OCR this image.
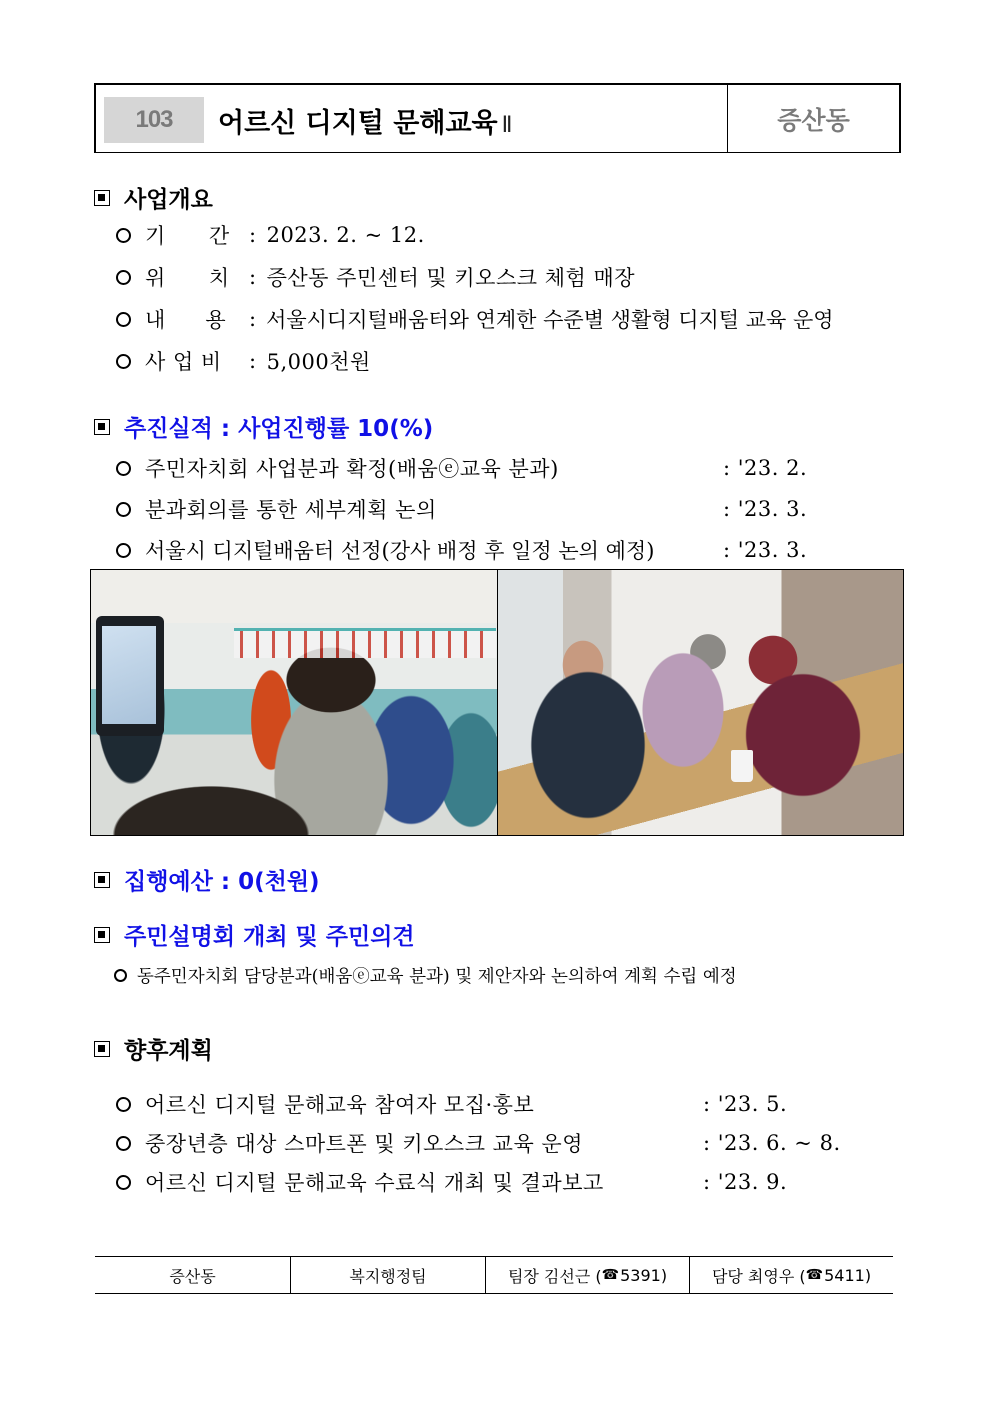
103	어르신 디지털 문해교육 Ⅱ	증산동
사업개요
기      간 : 2023. 2. ~ 12.
위      치 : 증산동 주민센터 및 키오스크 체험 매장
내      용	: 서울시디지털배움터와 연계한 수준별 생활형 디지털 교육 운영
사 업 비	: 5,000천원
추진실적 : 사업진행률 10(%)
주민자치회 사업분과 확정(배움ⓔ교육 분과)	: '23. 2.
분과회의를 통한 세부계획 논의	: '23. 3.
서울시 디지털배움터 선정(강사 배정 후 일정 논의 예정)	: '23. 3.
집행예산 : 0(천원)
주민설명회 개최 및 주민의견
동주민자치회 담당분과(배움ⓔ교육 분과) 및 제안자와 논의하여 계획 수립 예정
향후계획
어르신 디지털 문해교육 참여자 모집·홍보	: '23. 5.
중장년층 대상 스마트폰 및 키오스크 교육 운영	: '23. 6. ~ 8.
어르신 디지털 문해교육 수료식 개최 및 결과보고	: '23. 9.
증산동	복지행정팀	팀장 김선근 ( ☎ 5391)	담당 최영우 ( ☎ 5411)
